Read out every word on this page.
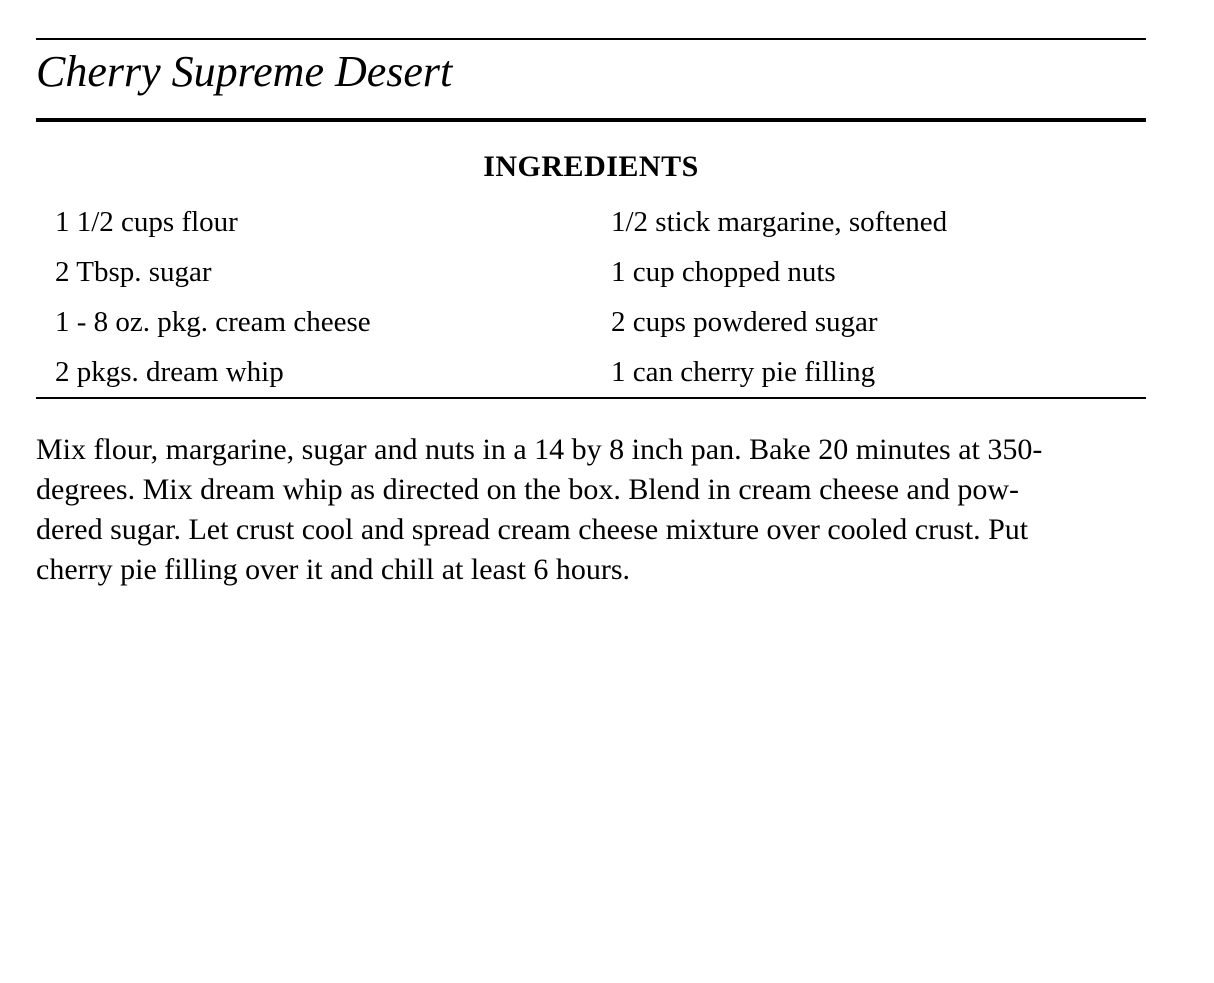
Cherry Supreme Desert
INGREDIENTS
1 1/2 cups flour	1/2 stick margarine, softened
2 Tbsp. sugar	1 cup chopped nuts
1 - 8 oz. pkg. cream cheese	2 cups powdered sugar
2 pkgs. dream whip	1 can cherry pie filling
Mix flour, margarine, sugar and nuts in a 14 by 8 inch pan. Bake 20 minutes at 350-
degrees. Mix dream whip as directed on the box. Blend in cream cheese and pow-
dered sugar. Let crust cool and spread cream cheese mixture over cooled crust. Put
cherry pie filling over it and chill at least 6 hours.
